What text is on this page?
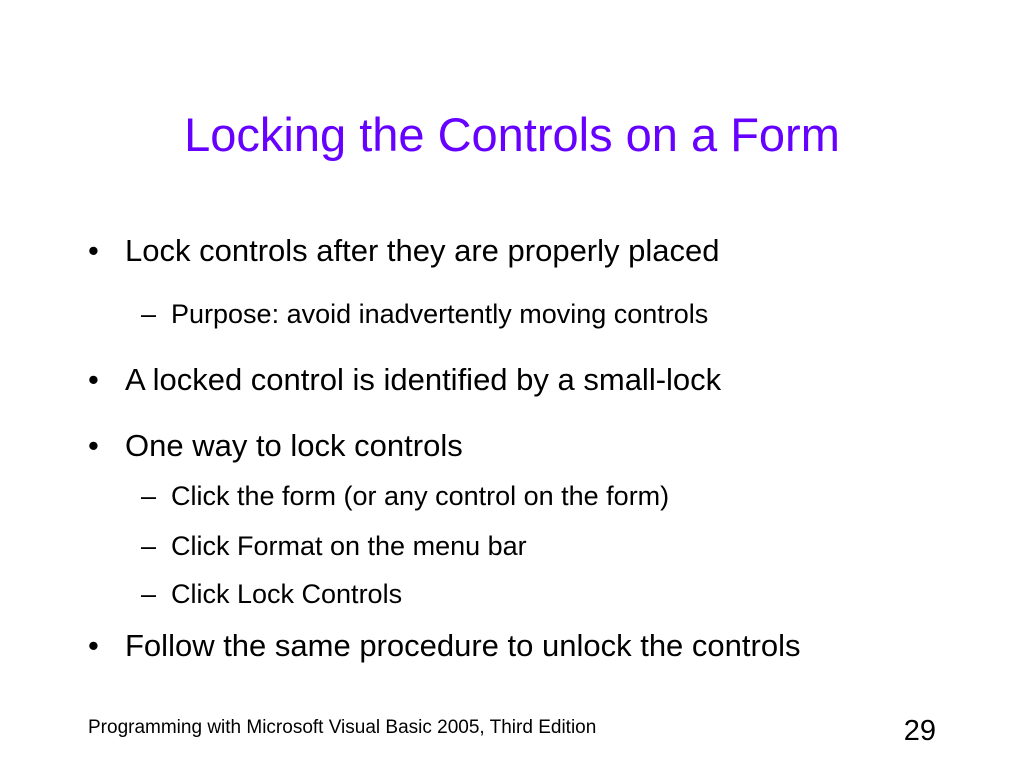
Locking the Controls on a Form
• Lock controls after they are properly placed
– Purpose: avoid inadvertently moving controls
• A locked control is identified by a small-lock
• One way to lock controls
– Click the form (or any control on the form)
– Click Format on the menu bar
– Click Lock Controls
• Follow the same procedure to unlock the controls
Programming with Microsoft Visual Basic 2005, Third Edition	29
